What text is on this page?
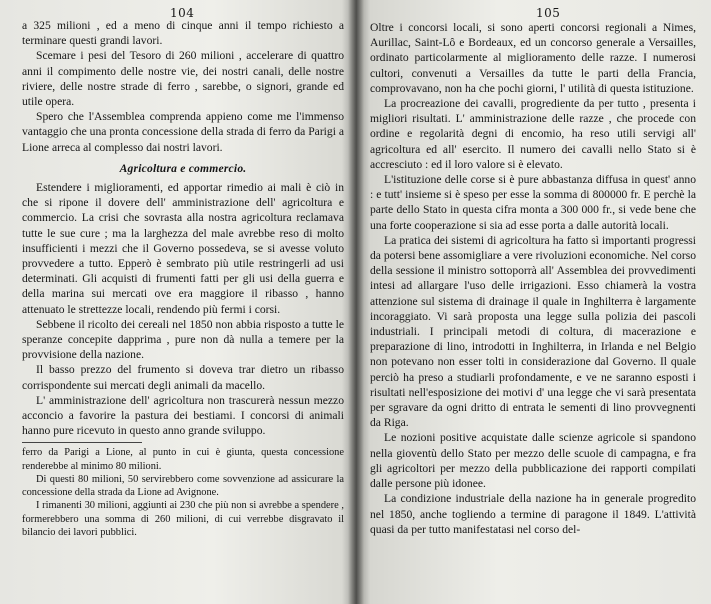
104

a 325 milioni , ed a meno di cinque anni il tempo richiesto a terminare questi grandi lavori.

Scemare i pesi del Tesoro di 260 milioni , accelerare di quattro anni il compimento delle nostre vie, dei nostri canali, delle nostre riviere, delle nostre strade di ferro , sarebbe, o signori, grande ed utile opera.

Spero che l'Assemblea comprenda appieno come me l'immenso vantaggio che una pronta concessione della strada di ferro da Parigi a Lione arreca al complesso dai nostri lavori.

Agricoltura e commercio.

Estendere i miglioramenti, ed apportar rimedio ai mali è ciò in che si ripone il dovere dell' amministrazione dell' agricoltura e commercio. La crisi che sovrasta alla nostra agricoltura reclamava tutte le sue cure ; ma la larghezza del male avrebbe reso di molto insufficienti i mezzi che il Governo possedeva, se si avesse voluto provvedere a tutto. Epperò è sembrato più utile restringerli ad usi determinati. Gli acquisti di frumenti fatti per gli usi della guerra e della marina sui mercati ove era maggiore il ribasso , hanno attenuato le strettezze locali, rendendo più fermi i corsi.

Sebbene il ricolto dei cereali nel 1850 non abbia risposto a tutte le speranze concepite dapprima , pure non dà nulla a temere per la provvisione della nazione.

Il basso prezzo del frumento si doveva trar dietro un ribasso corrispondente sui mercati degli animali da macello.

L' amministrazione dell' agricoltura non trascurerà nessun mezzo acconcio a favorire la pastura dei bestiami. I concorsi di animali hanno pure ricevuto in questo anno grande sviluppo.

ferro da Parigi a Lione, al punto in cui è giunta, questa concessione renderebbe al minimo 80 milioni.

Di questi 80 milioni, 50 servirebbero come sovvenzione ad assicurare la concessione della strada da Lione ad Avignone.

I rimanenti 30 milioni, aggiunti ai 230 che più non si avrebbe a spendere , formerebbero una somma di 260 milioni, di cui verrebbe disgravato il bilancio dei lavori pubblici.

105

Oltre i concorsi locali, si sono aperti concorsi regionali a Nimes, Aurillac, Saint-Lô e Bordeaux, ed un concorso generale a Versailles, ordinato particolarmente al miglioramento delle razze. I numerosi cultori, convenuti a Versailles da tutte le parti della Francia, comprovavano, non ha che pochi giorni, l' utilità di questa istituzione.

La procreazione dei cavalli, progrediente da per tutto , presenta i migliori risultati. L' amministrazione delle razze , che procede con ordine e regolarità degni di encomio, ha reso utili servigi all' agricoltura ed all' esercito. Il numero dei cavalli nello Stato si è accresciuto : ed il loro valore si è elevato.

L'istituzione delle corse si è pure abbastanza diffusa in quest' anno : e tutt' insieme si è speso per esse la somma di 800000 fr. E perchè la parte dello Stato in questa cifra monta a 300 000 fr., si vede bene che una forte cooperazione si sia ad esse porta a dalle autorità locali.

La pratica dei sistemi di agricoltura ha fatto sì importanti progressi da potersi bene assomigliare a vere rivoluzioni economiche. Nel corso della sessione il ministro sottoporrà all' Assemblea dei provvedimenti intesi ad allargare l'uso delle irrigazioni. Esso chiamerà la vostra attenzione sul sistema di drainage il quale in Inghilterra è largamente incoraggiato. Vi sarà proposta una legge sulla polizia dei pascoli industriali. I principali metodi di coltura, di macerazione e preparazione di lino, introdotti in Inghilterra, in Irlanda e nel Belgio non potevano non esser tolti in considerazione dal Governo. Il quale perciò ha preso a studiarli profondamente, e ve ne saranno esposti i risultati nell'esposizione dei motivi d' una legge che vi sarà presentata per sgravare da ogni dritto di entrata le sementi di lino provvegnenti da Riga.

Le nozioni positive acquistate dalle scienze agricole si spandono nella gioventù dello Stato per mezzo delle scuole di campagna, e fra gli agricoltori per mezzo della pubblicazione dei rapporti compilati dalle persone più idonee.

La condizione industriale della nazione ha in generale progredito nel 1850, anche togliendo a termine di paragone il 1849. L'attività quasi da per tutto manifestatasi nel corso del-
